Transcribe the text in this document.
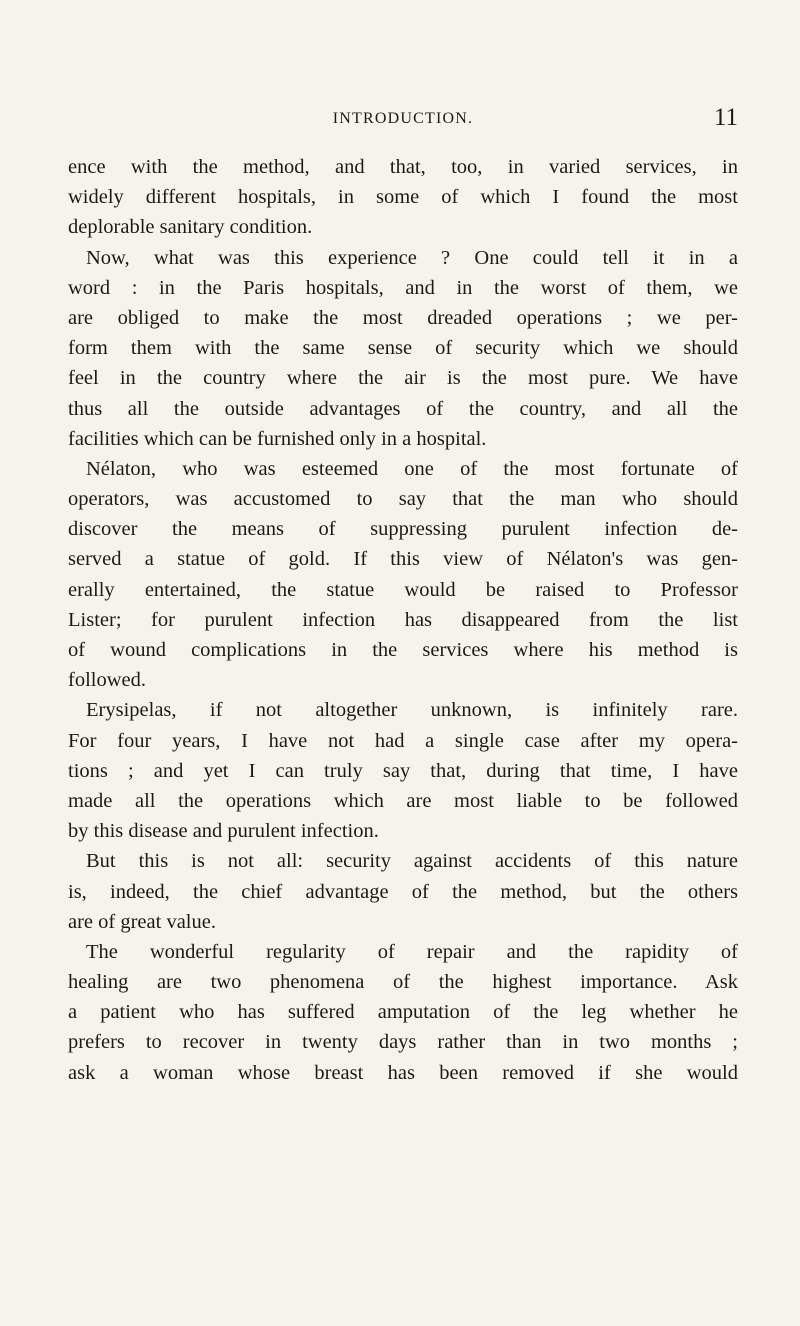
INTRODUCTION.	11
ence with the method, and that, too, in varied services, in
widely different hospitals, in some of which I found the most
deplorable sanitary condition.
Now, what was this experience ? One could tell it in a
word : in the Paris hospitals, and in the worst of them, we
are obliged to make the most dreaded operations ; we per-
form them with the same sense of security which we should
feel in the country where the air is the most pure. We have
thus all the outside advantages of the country, and all the
facilities which can be furnished only in a hospital.
Nélaton, who was esteemed one of the most fortunate of
operators, was accustomed to say that the man who should
discover the means of suppressing purulent infection de-
served a statue of gold. If this view of Nélaton's was gen-
erally entertained, the statue would be raised to Professor
Lister; for purulent infection has disappeared from the list
of wound complications in the services where his method is
followed.
Erysipelas, if not altogether unknown, is infinitely rare.
For four years, I have not had a single case after my opera-
tions ; and yet I can truly say that, during that time, I have
made all the operations which are most liable to be followed
by this disease and purulent infection.
But this is not all: security against accidents of this nature
is, indeed, the chief advantage of the method, but the others
are of great value.
The wonderful regularity of repair and the rapidity of
healing are two phenomena of the highest importance. Ask
a patient who has suffered amputation of the leg whether he
prefers to recover in twenty days rather than in two months ;
ask a woman whose breast has been removed if she would
